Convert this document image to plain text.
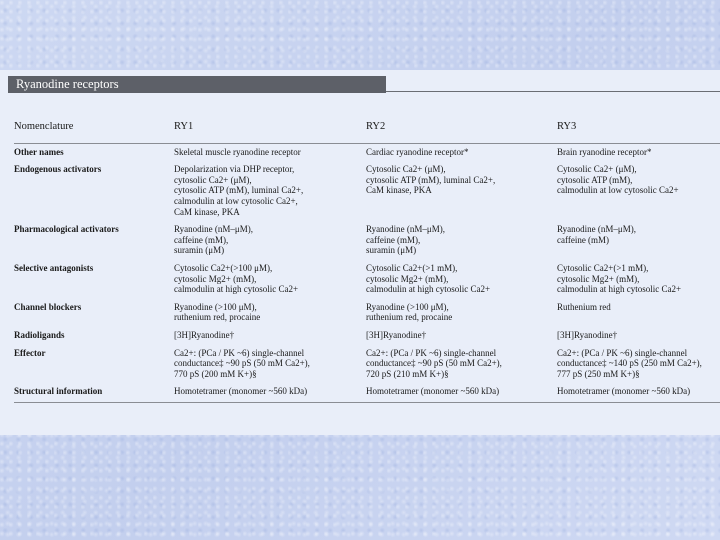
Ryanodine receptors
Nomenclature	RY1	RY2	RY3
Other names	Skeletal muscle ryanodine receptor	Cardiac ryanodine receptor*	Brain ryanodine receptor*

Endogenous activators	Depolarization via DHP receptor,
cytosolic Ca2+ (μM),
cytosolic ATP (mM), luminal Ca2+,
calmodulin at low cytosolic Ca2+,
CaM kinase, PKA	Cytosolic Ca2+ (μM),
cytosolic ATP (mM), luminal Ca2+,
CaM kinase, PKA	Cytosolic Ca2+ (μM),
cytosolic ATP (mM),
calmodulin at low cytosolic Ca2+

Pharmacological activators	Ryanodine (nM–μM),
caffeine (mM),
suramin (μM)	Ryanodine (nM–μM),
caffeine (mM),
suramin (μM)	Ryanodine (nM–μM),
caffeine (mM)

Selective antagonists	Cytosolic Ca2+(>100 μM),
cytosolic Mg2+ (mM),
calmodulin at high cytosolic Ca2+	Cytosolic Ca2+(>1 mM),
cytosolic Mg2+ (mM),
calmodulin at high cytosolic Ca2+	Cytosolic Ca2+(>1 mM),
cytosolic Mg2+ (mM),
calmodulin at high cytosolic Ca2+

Channel blockers	Ryanodine (>100 μM),
ruthenium red, procaine	Ryanodine (>100 μM),
ruthenium red, procaine	Ruthenium red

Radioligands	[3H]Ryanodine†	[3H]Ryanodine†	[3H]Ryanodine†

Effector	Ca2+: (PCa / PK ~6) single-channel
conductance‡ ~90 pS (50 mM Ca2+),
770 pS (200 mM K+)§	Ca2+: (PCa / PK ~6) single-channel
conductance‡ ~90 pS (50 mM Ca2+),
720 pS (210 mM K+)§	Ca2+: (PCa / PK ~6) single-channel
conductance‡ ~140 pS (250 mM Ca2+),
777 pS (250 mM K+)§

Structural information	Homotetramer (monomer ~560 kDa)	Homotetramer (monomer ~560 kDa)	Homotetramer (monomer ~560 kDa)
